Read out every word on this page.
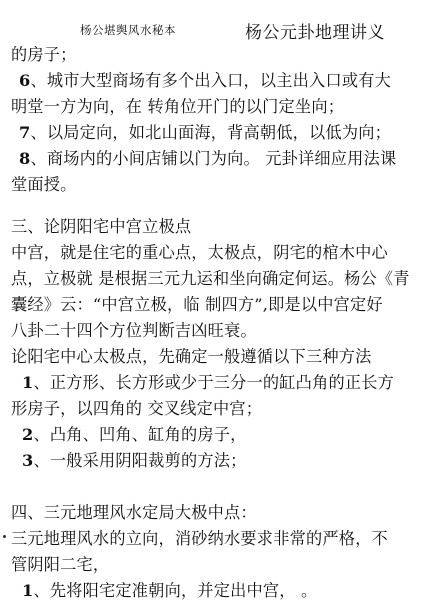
杨公堪舆风水秘本	杨公元卦地理讲义
的房子；
6、城市大型商场有多个出入口，以主出入口或有大
明堂一方为向，在 转角位开门的以门定坐向；
7、以局定向，如北山面海，背高朝低，以低为向；
8、商场内的小间店铺以门为向。 元卦详细应用法课
堂面授。
三、论阴阳宅中宫立极点
中宫，就是住宅的重心点，太极点，阴宅的棺木中心
点，立极就 是根据三元九运和坐向确定何运。杨公《青
囊经》云：“中宫立极，临 制四方”,即是以中宫定好
八卦二十四个方位判断吉凶旺衰。
论阳宅中心太极点，先确定一般遵循以下三种方法
1、正方形、长方形或少于三分一的缸凸角的正长方
形房子，以四角的 交叉线定中宫；
2、凸角、凹角、缸角的房子，
3、一般采用阴阳裁剪的方法；
四、三元地理风水定局大极中点：
三元地理风水的立向，消砂纳水要求非常的严格，不
管阴阳二宅，
1、先将阳宅定准朝向，并定出中宫， 。
